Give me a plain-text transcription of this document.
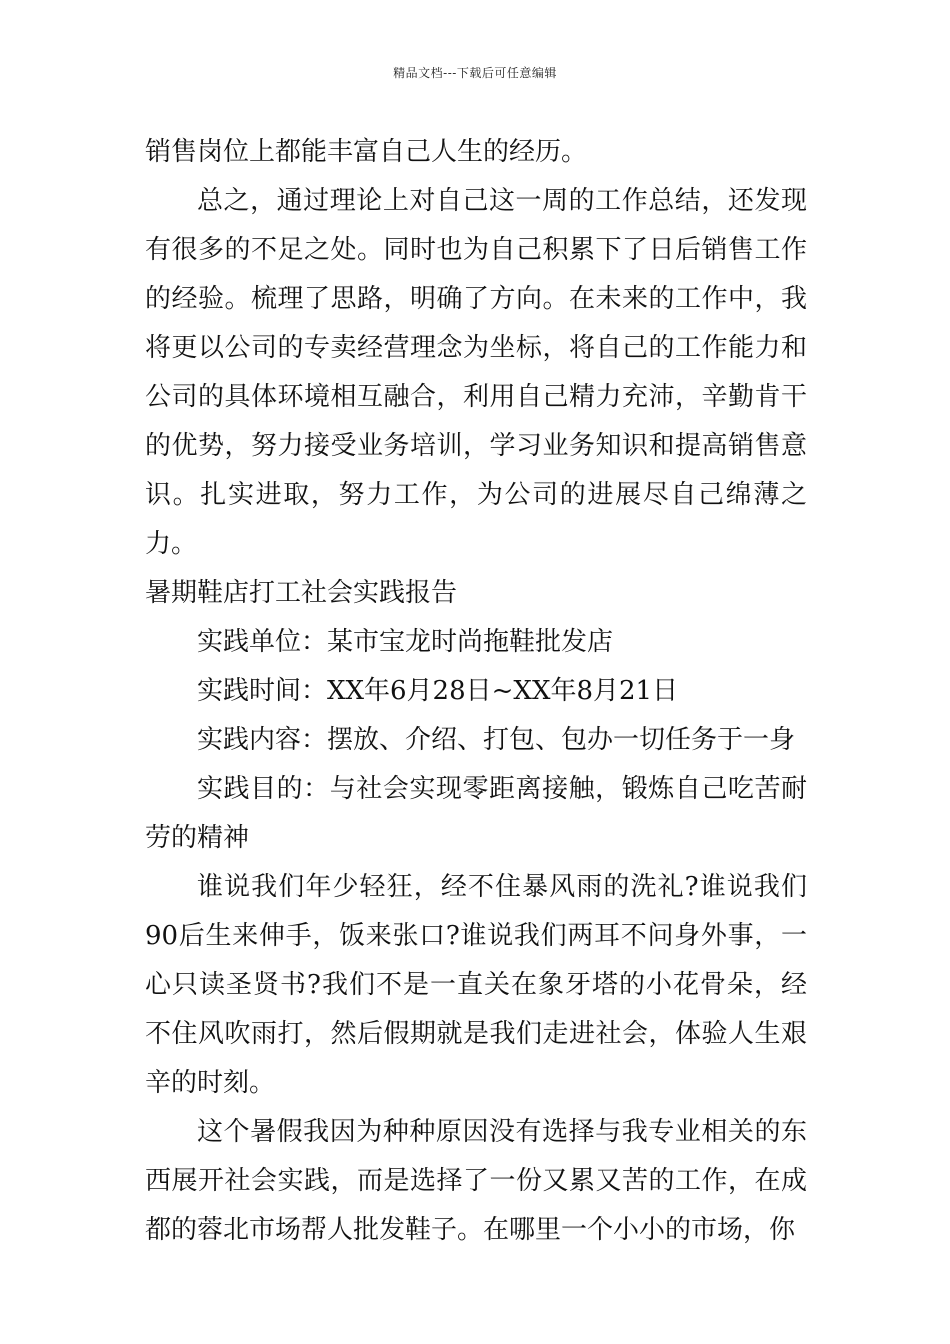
精品文档---下载后可任意编辑

销售岗位上都能丰富自己人生的经历。

总之，通过理论上对自己这一周的工作总结，还发现有很多的不足之处。同时也为自己积累下了日后销售工作的经验。梳理了思路，明确了方向。在未来的工作中，我将更以公司的专卖经营理念为坐标，将自己的工作能力和公司的具体环境相互融合，利用自己精力充沛，辛勤肯干的优势，努力接受业务培训，学习业务知识和提高销售意识。扎实进取，努力工作，为公司的进展尽自己绵薄之力。

暑期鞋店打工社会实践报告

实践单位：某市宝龙时尚拖鞋批发店

实践时间：XX年6月28日~XX年8月21日

实践内容：摆放、介绍、打包、包办一切任务于一身

实践目的：与社会实现零距离接触，锻炼自己吃苦耐劳的精神

谁说我们年少轻狂，经不住暴风雨的洗礼?谁说我们90后生来伸手，饭来张口?谁说我们两耳不问身外事，一心只读圣贤书?我们不是一直关在象牙塔的小花骨朵，经不住风吹雨打，然后假期就是我们走进社会，体验人生艰辛的时刻。

这个暑假我因为种种原因没有选择与我专业相关的东西展开社会实践，而是选择了一份又累又苦的工作，在成都的蓉北市场帮人批发鞋子。在哪里一个小小的市场，你
